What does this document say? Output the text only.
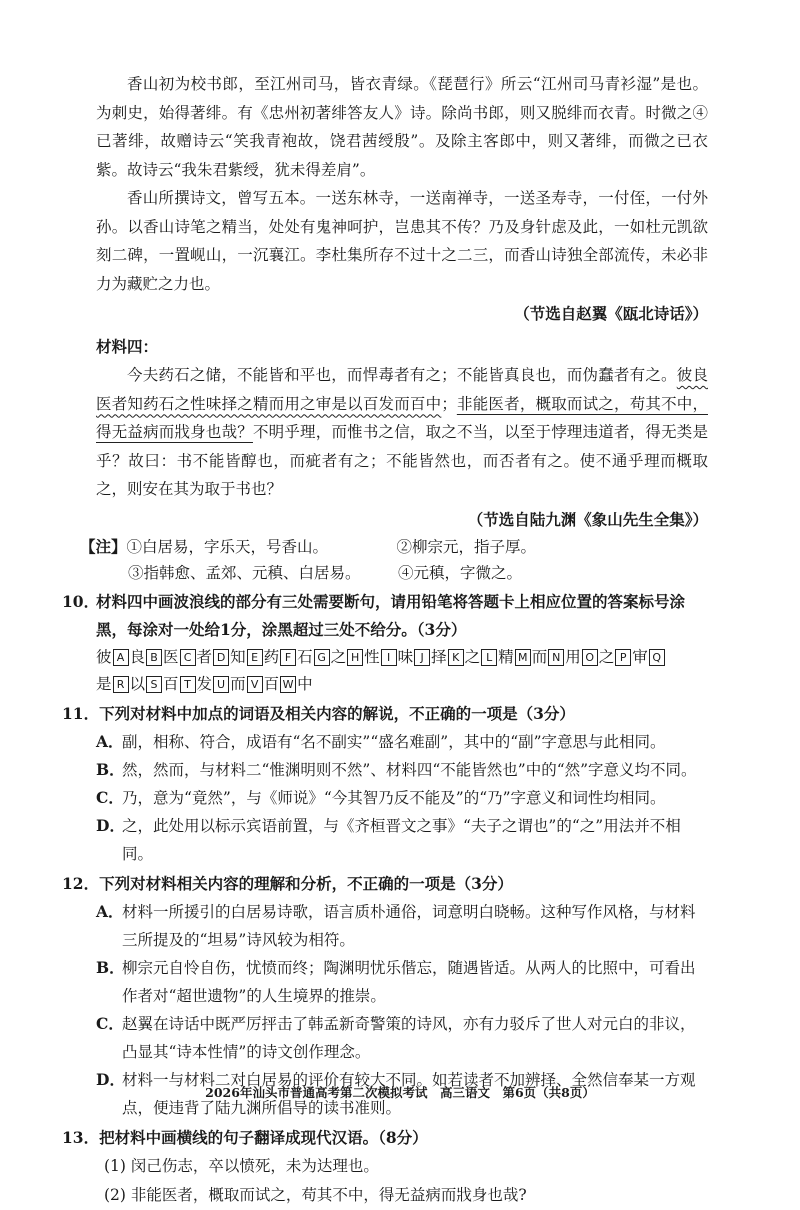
香山初为校书郎，至江州司马，皆衣青绿。《琵琶行》所云“江州司马青衫湿”是也。为刺史，始得著绯。有《忠州初著绯答友人》诗。除尚书郎，则又脱绯而衣青。时微之④已著绯，故赠诗云“笑我青袍故，饶君茜绶殷”。及除主客郎中，则又著绯，而微之已衣紫。故诗云“我朱君紫绶，犹未得差肩”。

香山所撰诗文，曾写五本。一送东林寺，一送南禅寺，一送圣寿寺，一付侄，一付外孙。以香山诗笔之精当，处处有鬼神呵护，岂患其不传？乃及身针虑及此，一如杜元凯欲刻二碑，一置岘山，一沉襄江。李杜集所存不过十之二三，而香山诗独全部流传，未必非力为藏贮之力也。

（节选自赵翼《瓯北诗话》）

材料四：

今夫药石之储，不能皆和平也，而悍毒者有之；不能皆真良也，而伪蠢者有之。彼良医者知药石之性味择之精而用之审是以百发而百中；非能医者，概取而试之，苟其不中，得无益病而戕身也哉？不明乎理，而惟书之信，取之不当，以至于悖理违道者，得无类是乎？故曰：书不能皆醇也，而疵者有之；不能皆然也，而否者有之。使不通乎理而概取之，则安在其为取于书也？

（节选自陆九渊《象山先生全集》）

【注】 ①白居易，字乐天，号香山。	②柳宗元，指子厚。
③指韩愈、孟郊、元稹、白居易。	④元稹，字微之。
10．
材料四中画波浪线的部分有三处需要断句，请用铅笔将答题卡上相应位置的答案标号涂黑，每涂对一处给1分，涂黑超过三处不给分。（3分）
彼 A 良 B 医 C 者 D 知 E 药 F 石 G 之 H 性 I 味 J 择 K 之 L 精 M 而 N 用 O 之 P 审 Q
是 R 以 S 百 T 发 U 而 V 百 W 中
11． 下列对材料中加点的词语及相关内容的解说，不正确的一项是（3分）
A．
副，相称、符合，成语有“名不副实”“盛名难副”，其中的“副”字意思与此相同。
B．
然，然而，与材料二“惟渊明则不然”、材料四“不能皆然也”中的“然”字意义均不同。
C．
乃，意为“竟然”，与《师说》“今其智乃反不能及”的“乃”字意义和词性均相同。
D．
之，此处用以标示宾语前置，与《齐桓晋文之事》“夫子之谓也”的“之”用法并不相同。
12． 下列对材料相关内容的理解和分析，不正确的一项是（3分）
A．
材料一所援引的白居易诗歌，语言质朴通俗，词意明白晓畅。这种写作风格，与材料三所提及的“坦易”诗风较为相符。
B．
柳宗元自怜自伤，忧愤而终；陶渊明忧乐偕忘，随遇皆适。从两人的比照中，可看出作者对“超世遗物”的人生境界的推崇。
C．
赵翼在诗话中既严厉抨击了韩孟新奇警策的诗风，亦有力驳斥了世人对元白的非议，凸显其“诗本性情”的诗文创作理念。
D．
材料一与材料二对白居易的评价有较大不同。如若读者不加辨择、全然信奉某一方观点，便违背了陆九渊所倡导的读书准则。
13． 把材料中画横线的句子翻译成现代汉语。（8分）
(1) 闵己伤志，卒以愤死，未为达理也。
(2) 非能医者，概取而试之，苟其不中，得无益病而戕身也哉?
2026年汕头市普通高考第二次模拟考试　高三语文　第6页（共8页）
